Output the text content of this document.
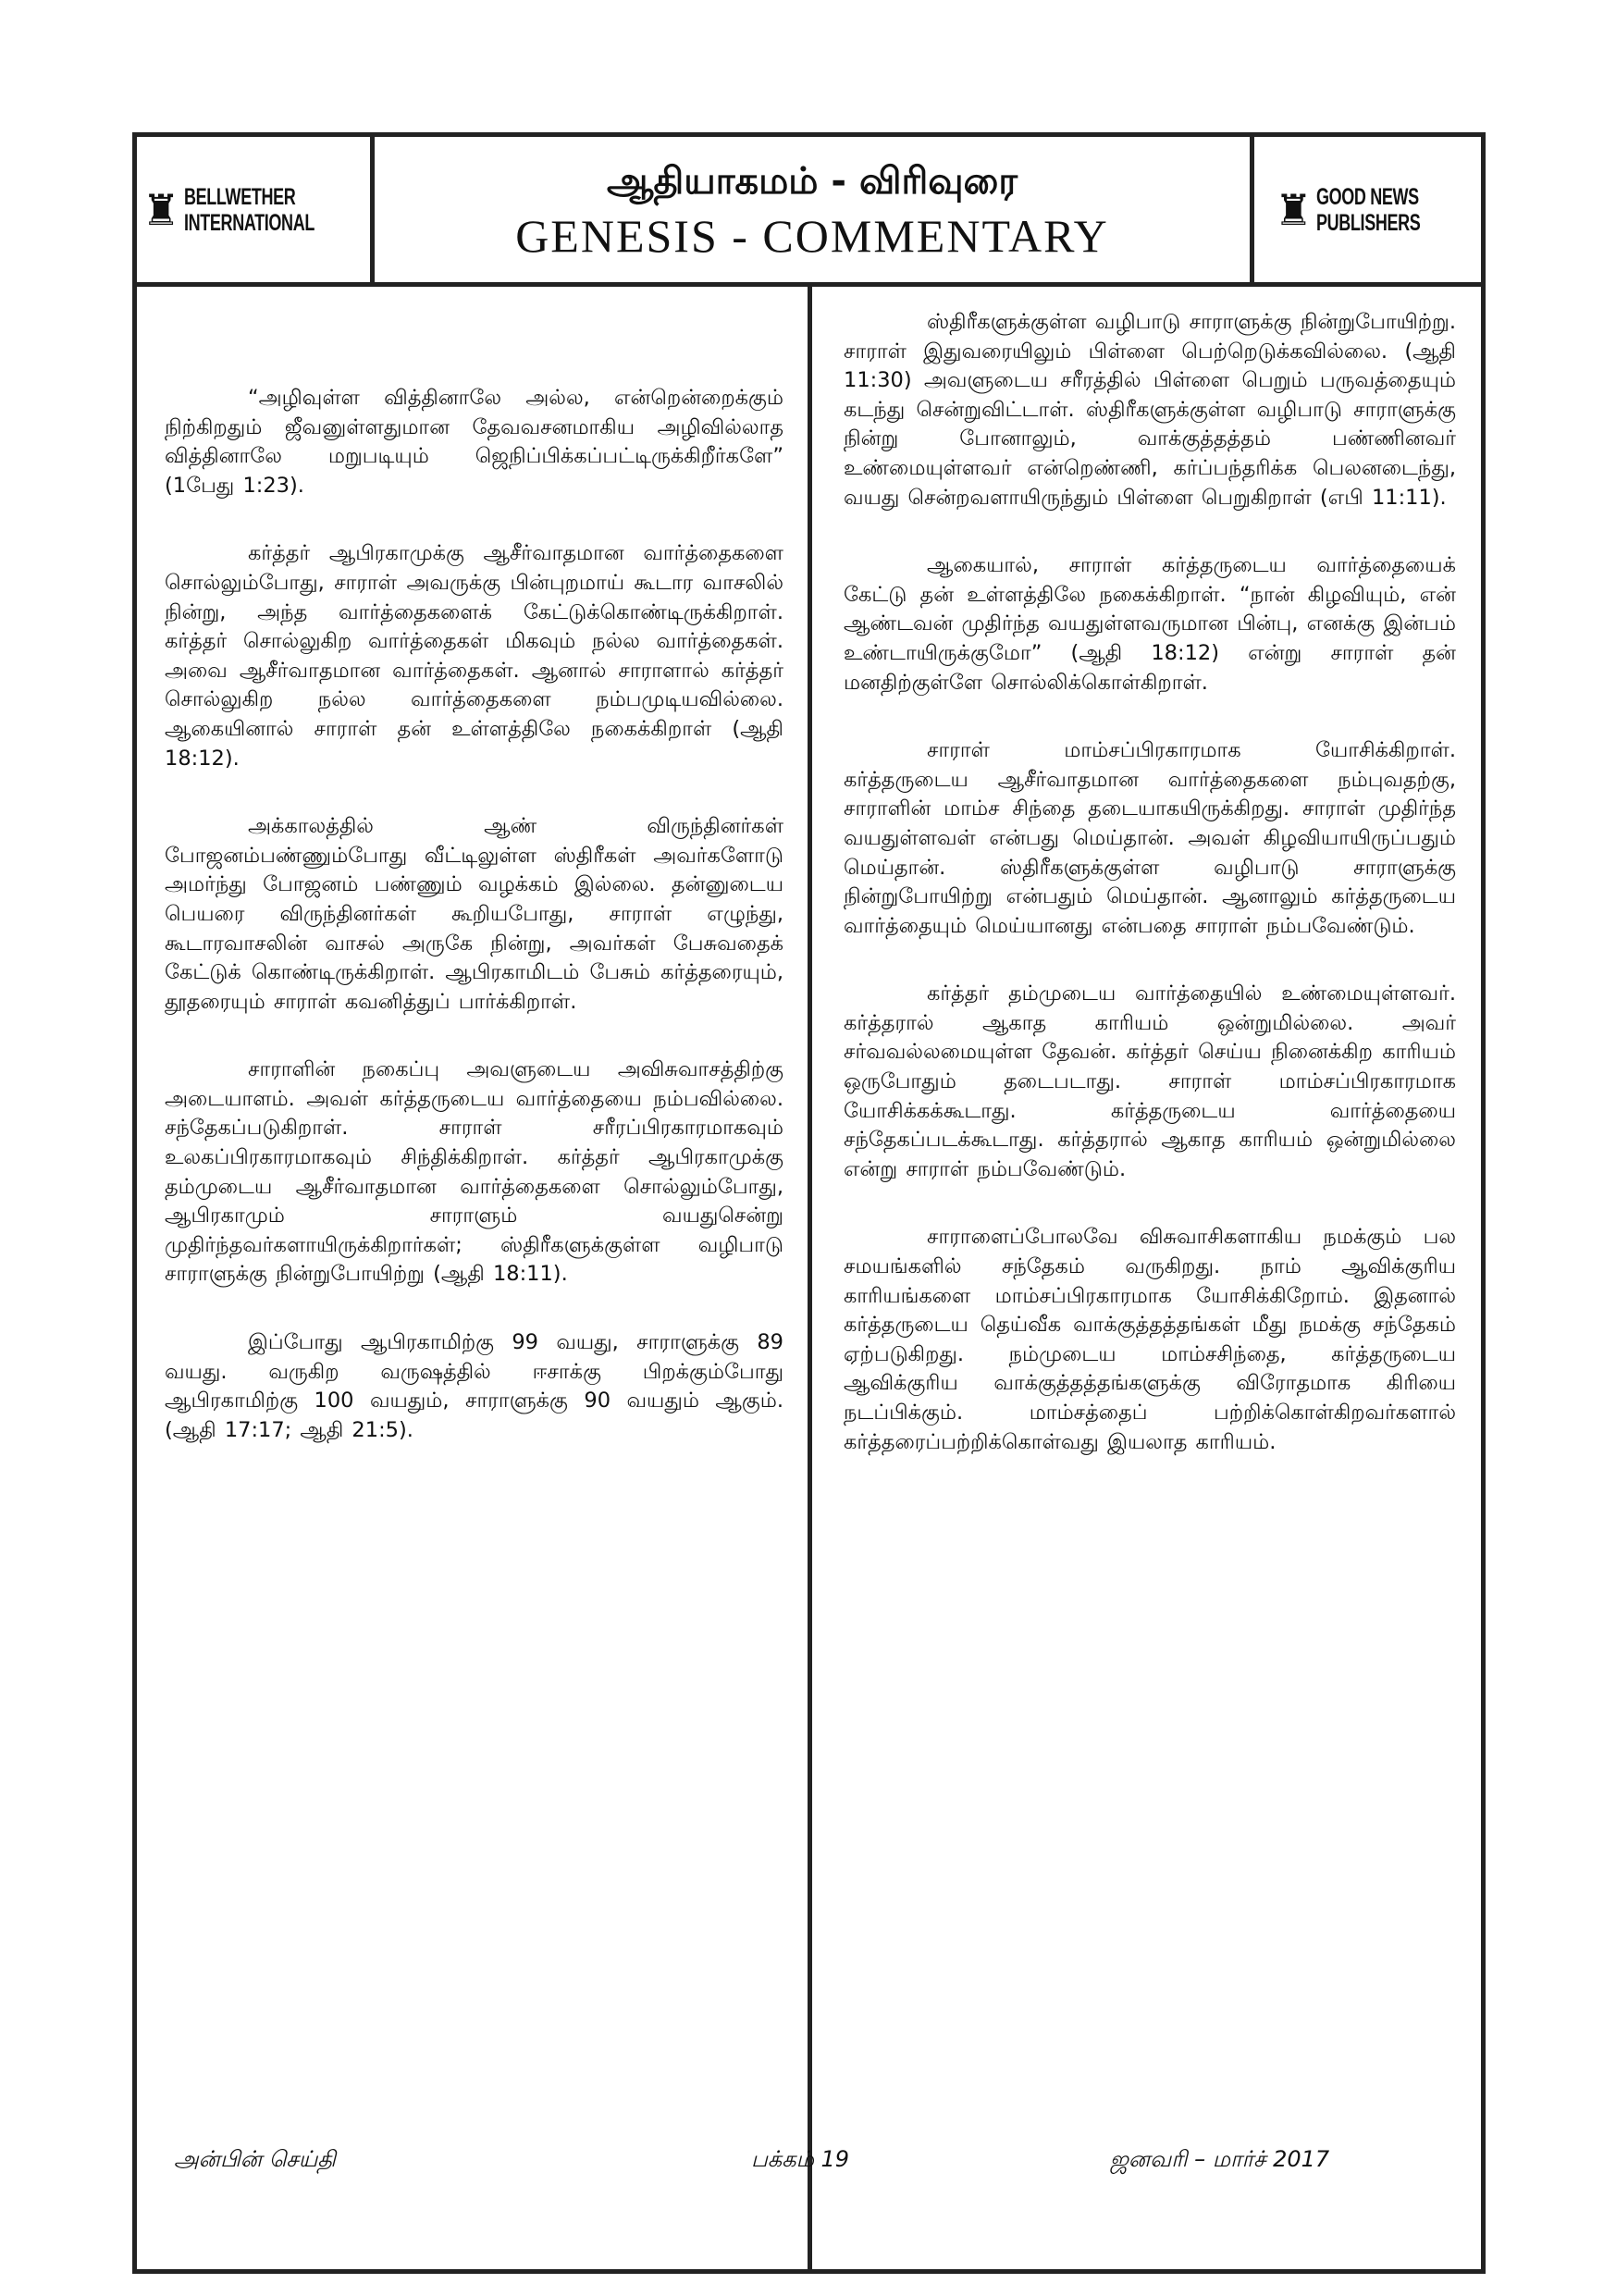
♜ BELLWETHER
INTERNATIONAL
ஆதியாகமம் - விரிவுரை
GENESIS - COMMENTARY	♜ GOOD NEWS
PUBLISHERS

“அழிவுள்ள வித்தினாலே அல்ல, என்றென்றைக்கும் நிற்கிறதும் ஜீவனுள்ளதுமான தேவவசனமாகிய அழிவில்லாத வித்தினாலே மறுபடியும் ஜெநிப்பிக்கப்பட்டிருக்கிறீர்களே” (1பேது 1:23).

கர்த்தர் ஆபிரகாமுக்கு ஆசீர்வாதமான வார்த்தைகளை சொல்லும்போது, சாராள் அவருக்கு பின்புறமாய் கூடார வாசலில் நின்று, அந்த வார்த்தைகளைக் கேட்டுக்கொண்டிருக்கிறாள். கர்த்தர் சொல்லுகிற வார்த்தைகள் மிகவும் நல்ல வார்த்தைகள். அவை ஆசீர்வாதமான வார்த்தைகள். ஆனால் சாராளால் கர்த்தர் சொல்லுகிற நல்ல வார்த்தைகளை நம்பமுடியவில்லை. ஆகையினால் சாராள் தன் உள்ளத்திலே நகைக்கிறாள் (ஆதி 18:12).

அக்காலத்தில் ஆண் விருந்தினர்கள் போஜனம்பண்ணும்போது வீட்டிலுள்ள ஸ்திரீகள் அவர்களோடு அமர்ந்து போஜனம் பண்ணும் வழக்கம் இல்லை. தன்னுடைய பெயரை விருந்தினர்கள் கூறியபோது, சாராள் எழுந்து, கூடாரவாசலின் வாசல் அருகே நின்று, அவர்கள் பேசுவதைக் கேட்டுக் கொண்டிருக்கிறாள். ஆபிரகாமிடம் பேசும் கர்த்தரையும், தூதரையும் சாராள் கவனித்துப் பார்க்கிறாள்.

சாராளின் நகைப்பு அவளுடைய அவிசுவாசத்திற்கு அடையாளம். அவள் கர்த்தருடைய வார்த்தையை நம்பவில்லை. சந்தேகப்படுகிறாள். சாராள் சரீரப்பிரகாரமாகவும் உலகப்பிரகாரமாகவும் சிந்திக்கிறாள். கர்த்தர் ஆபிரகாமுக்கு தம்முடைய ஆசீர்வாதமான வார்த்தைகளை சொல்லும்போது, ஆபிரகாமும் சாராளும் வயதுசென்று முதிர்ந்தவர்களாயிருக்கிறார்கள்; ஸ்திரீகளுக்குள்ள வழிபாடு சாராளுக்கு நின்றுபோயிற்று (ஆதி 18:11).

இப்போது ஆபிரகாமிற்கு 99 வயது, சாராளுக்கு 89 வயது. வருகிற வருஷத்தில் ஈசாக்கு பிறக்கும்போது ஆபிரகாமிற்கு 100 வயதும், சாராளுக்கு 90 வயதும் ஆகும். (ஆதி 17:17; ஆதி 21:5).

ஸ்திரீகளுக்குள்ள வழிபாடு சாராளுக்கு நின்றுபோயிற்று. சாராள் இதுவரையிலும் பிள்ளை பெற்றெடுக்கவில்லை. (ஆதி 11:30) அவளுடைய சரீரத்தில் பிள்ளை பெறும் பருவத்தையும் கடந்து சென்றுவிட்டாள். ஸ்திரீகளுக்குள்ள வழிபாடு சாராளுக்கு நின்று போனாலும், வாக்குத்தத்தம் பண்ணினவர் உண்மையுள்ளவர் என்றெண்ணி, கர்ப்பந்தரிக்க பெலனடைந்து, வயது சென்றவளாயிருந்தும் பிள்ளை பெறுகிறாள் (எபி 11:11).

ஆகையால், சாராள் கர்த்தருடைய வார்த்தையைக் கேட்டு தன் உள்ளத்திலே நகைக்கிறாள். “நான் கிழவியும், என் ஆண்டவன் முதிர்ந்த வயதுள்ளவருமான பின்பு, எனக்கு இன்பம் உண்டாயிருக்குமோ” (ஆதி 18:12) என்று சாராள் தன் மனதிற்குள்ளே சொல்லிக்கொள்கிறாள்.

சாராள் மாம்சப்பிரகாரமாக யோசிக்கிறாள். கர்த்தருடைய ஆசீர்வாதமான வார்த்தைகளை நம்புவதற்கு, சாராளின் மாம்ச சிந்தை தடையாகயிருக்கிறது. சாராள் முதிர்ந்த வயதுள்ளவள் என்பது மெய்தான். அவள் கிழவியாயிருப்பதும் மெய்தான். ஸ்திரீகளுக்குள்ள வழிபாடு சாராளுக்கு நின்றுபோயிற்று என்பதும் மெய்தான். ஆனாலும் கர்த்தருடைய வார்த்தையும் மெய்யானது என்பதை சாராள் நம்பவேண்டும்.

கர்த்தர் தம்முடைய வார்த்தையில் உண்மையுள்ளவர். கர்த்தரால் ஆகாத காரியம் ஒன்றுமில்லை. அவர் சர்வவல்லமையுள்ள தேவன். கர்த்தர் செய்ய நினைக்கிற காரியம் ஒருபோதும் தடைபடாது. சாராள் மாம்சப்பிரகாரமாக யோசிக்கக்கூடாது. கர்த்தருடைய வார்த்தையை சந்தேகப்படக்கூடாது. கர்த்தரால் ஆகாத காரியம் ஒன்றுமில்லை என்று சாராள் நம்பவேண்டும்.

சாராளைப்போலவே விசுவாசிகளாகிய நமக்கும் பல சமயங்களில் சந்தேகம் வருகிறது. நாம் ஆவிக்குரிய காரியங்களை மாம்சப்பிரகாரமாக யோசிக்கிறோம். இதனால் கர்த்தருடைய தெய்வீக வாக்குத்தத்தங்கள் மீது நமக்கு சந்தேகம் ஏற்படுகிறது. நம்முடைய மாம்சசிந்தை, கர்த்தருடைய ஆவிக்குரிய வாக்குத்தத்தங்களுக்கு விரோதமாக கிரியை நடப்பிக்கும். மாம்சத்தைப் பற்றிக்கொள்கிறவர்களால் கர்த்தரைப்பற்றிக்கொள்வது இயலாத காரியம்.

அன்பின் செய்தி	பக்கம் 19	ஜனவரி – மார்ச் 2017
